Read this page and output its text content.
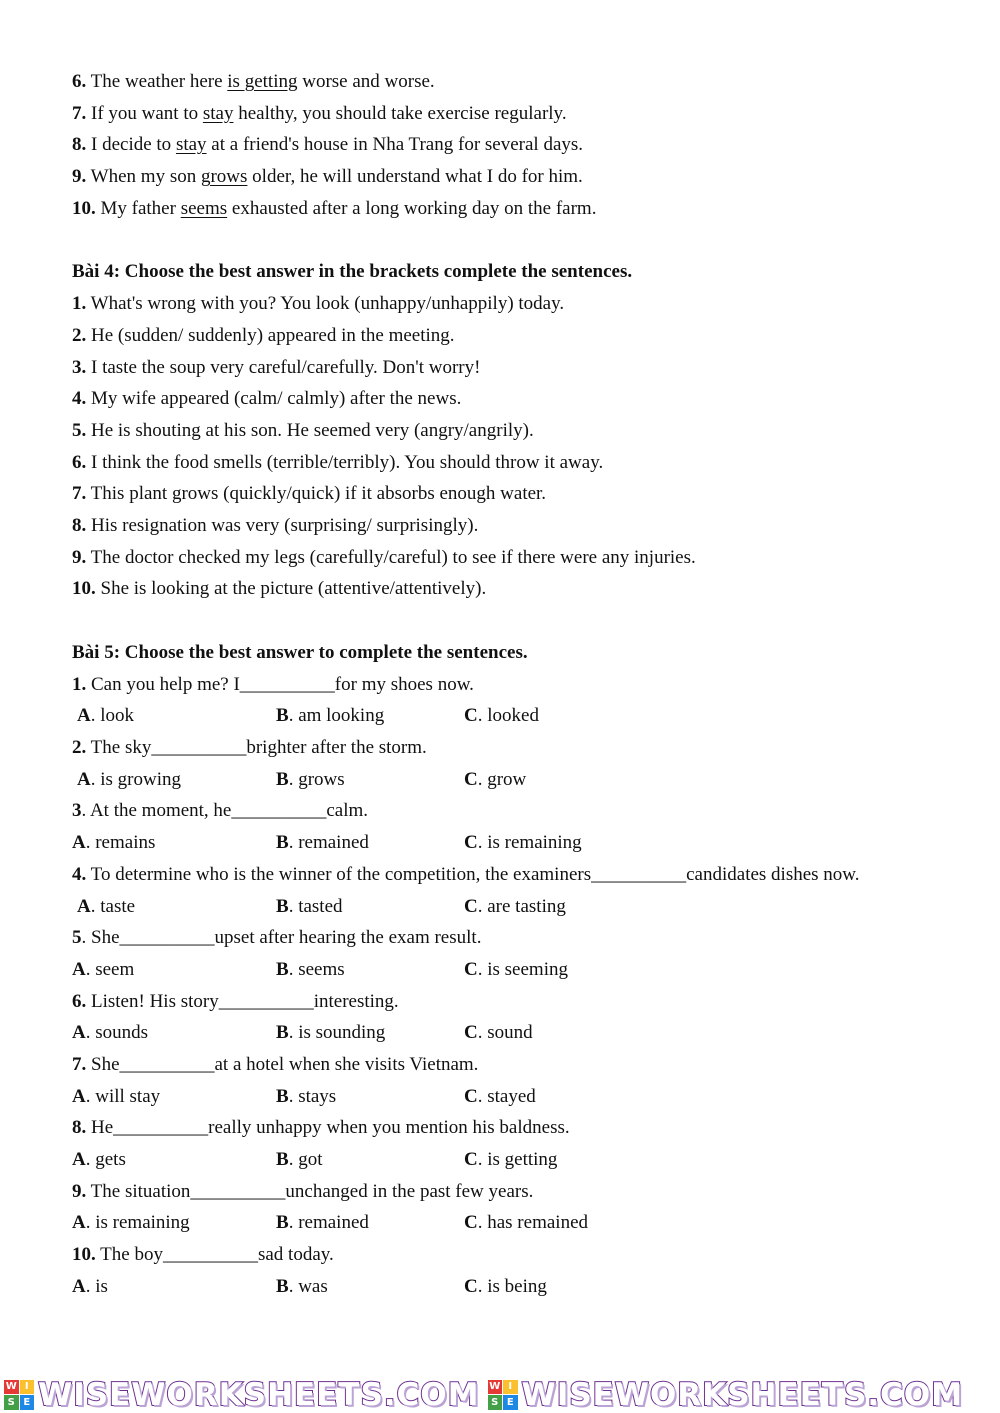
6. The weather here is getting worse and worse.
7. If you want to stay healthy, you should take exercise regularly.
8. I decide to stay at a friend's house in Nha Trang for several days.
9. When my son grows older, he will understand what I do for him.
10. My father seems exhausted after a long working day on the farm.
Bài 4: Choose the best answer in the brackets complete the sentences.
1. What's wrong with you? You look (unhappy/unhappily) today.
2. He (sudden/ suddenly) appeared in the meeting.
3. I taste the soup very careful/carefully. Don't worry!
4. My wife appeared (calm/ calmly) after the news.
5. He is shouting at his son. He seemed very (angry/angrily).
6. I think the food smells (terrible/terribly). You should throw it away.
7. This plant grows (quickly/quick) if it absorbs enough water.
8. His resignation was very (surprising/ surprisingly).
9. The doctor checked my legs (carefully/careful) to see if there were any injuries.
10. She is looking at the picture (attentive/attentively).
Bài 5: Choose the best answer to complete the sentences.
1. Can you help me? I__________for my shoes now.
A. look	B. am looking	C. looked
2. The sky__________brighter after the storm.
A. is growing	B. grows	C. grow
3. At the moment, he__________calm.
A. remains	B. remained	C. is remaining
4. To determine who is the winner of the competition, the examiners__________candidates dishes now.
A. taste	B. tasted	C. are tasting
5. She__________upset after hearing the exam result.
A. seem	B. seems	C. is seeming
6. Listen! His story__________interesting.
A. sounds	B. is sounding	C. sound
7. She__________at a hotel when she visits Vietnam.
A. will stay	B. stays	C. stayed
8. He__________really unhappy when you mention his baldness.
A. gets	B. got	C. is getting
9. The situation__________unchanged in the past few years.
A. is remaining	B. remained	C. has remained
10. The boy__________sad today.
A. is	B. was	C. is being
W I
S E WISEWORKSHEETS.COM W I
S E WISEWORKSHEETS.COM
